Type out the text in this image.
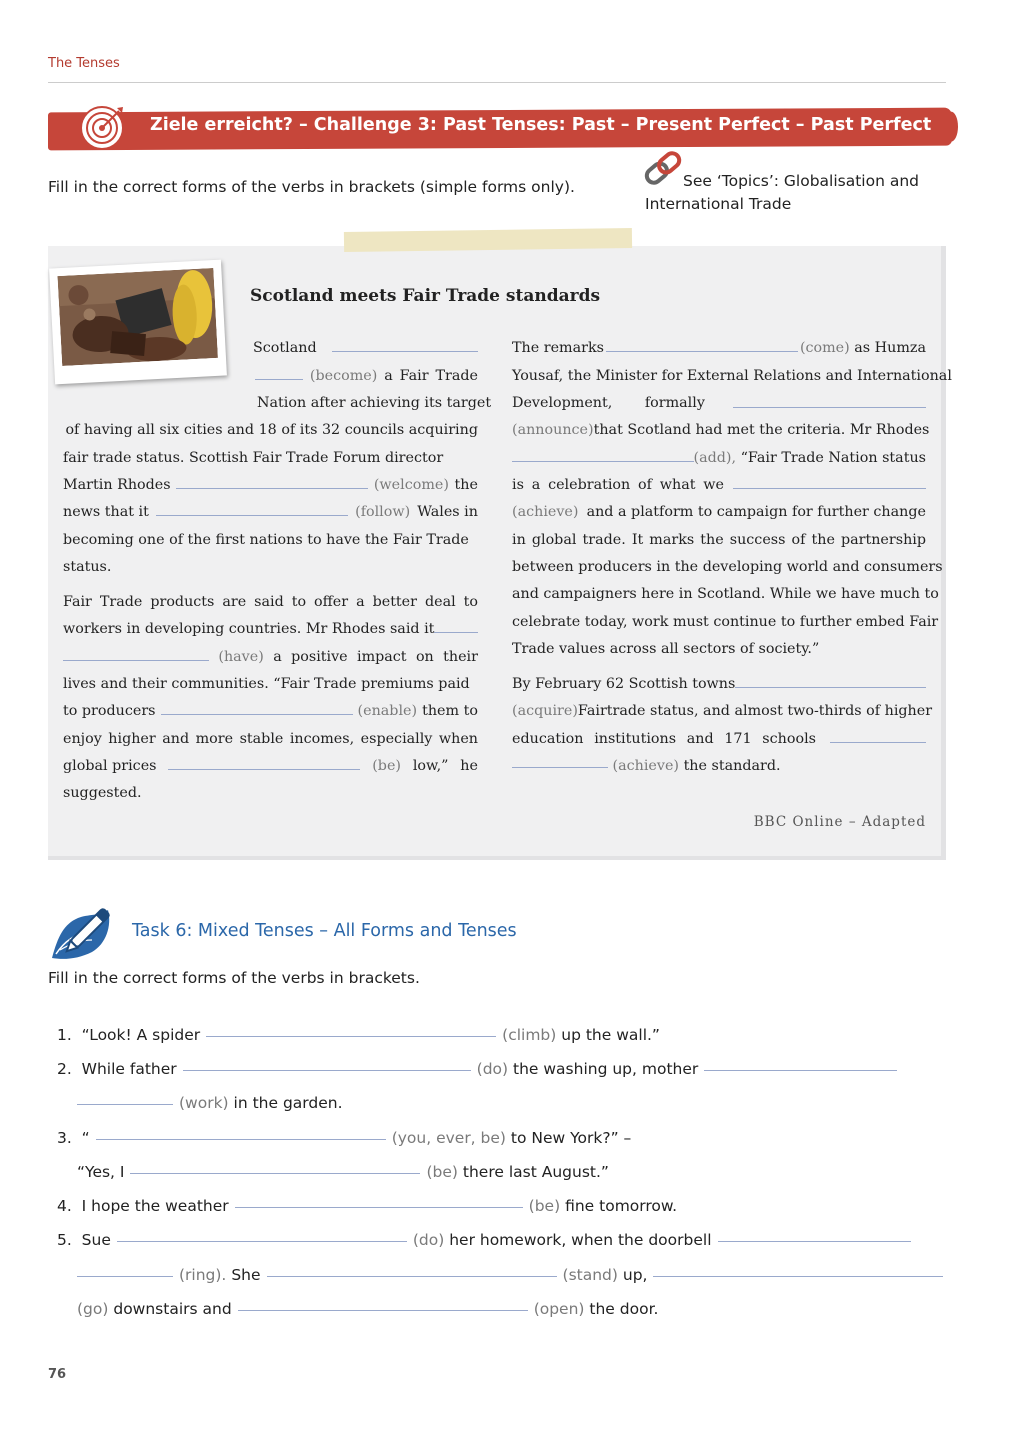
The Tenses
Ziele erreicht? – Challenge 3: Past Tenses: Past – Present Perfect – Past Perfect
Fill in the correct forms of the verbs in brackets (simple forms only).	See ‘Topics’: Globalisation and
International Trade
Scotland meets Fair Trade standards
Scotland
(become) a Fair Trade
Nation after achieving its target
of having all six cities and 18 of its 32 councils acquiring
fair trade status. Scottish Fair Trade Forum director
Martin Rhodes	(welcome) the
news that it	(follow) Wales in
becoming one of the first nations to have the Fair Trade
status.
Fair Trade products are said to offer a better deal to
workers in developing countries. Mr Rhodes said it
(have) a positive impact on their
lives and their communities. “Fair Trade premiums paid
to producers	(enable) them to
enjoy higher and more stable incomes, especially when
global prices	(be) low,” he
suggested.
The remarks	(come) as Humza
Yousaf, the Minister for External Relations and International
Development, formally
(announce) that Scotland had met the criteria. Mr Rhodes
(add), “Fair Trade Nation status
is a celebration of what we
(achieve) and a platform to campaign for further change
in global trade. It marks the success of the partnership
between producers in the developing world and consumers
and campaigners here in Scotland. While we have much to
celebrate today, work must continue to further embed Fair
Trade values across all sectors of society.”
By February 62 Scottish towns
(acquire) Fairtrade status, and almost two-thirds of higher
education institutions and 171 schools
(achieve) the standard.
BBC Online – Adapted
Task 6: Mixed Tenses – All Forms and Tenses
Fill in the correct forms of the verbs in brackets.
1. “Look! A spider	(climb) up the wall.”
2. While father	(do) the washing up, mother
(work) in the garden.
3. “	(you, ever, be) to New York?” –
“Yes, I	(be) there last August.”
4. I hope the weather	(be) fine tomorrow.
5. Sue	(do) her homework, when the doorbell
(ring). She	(stand) up,
(go) downstairs and	(open) the door.
76
